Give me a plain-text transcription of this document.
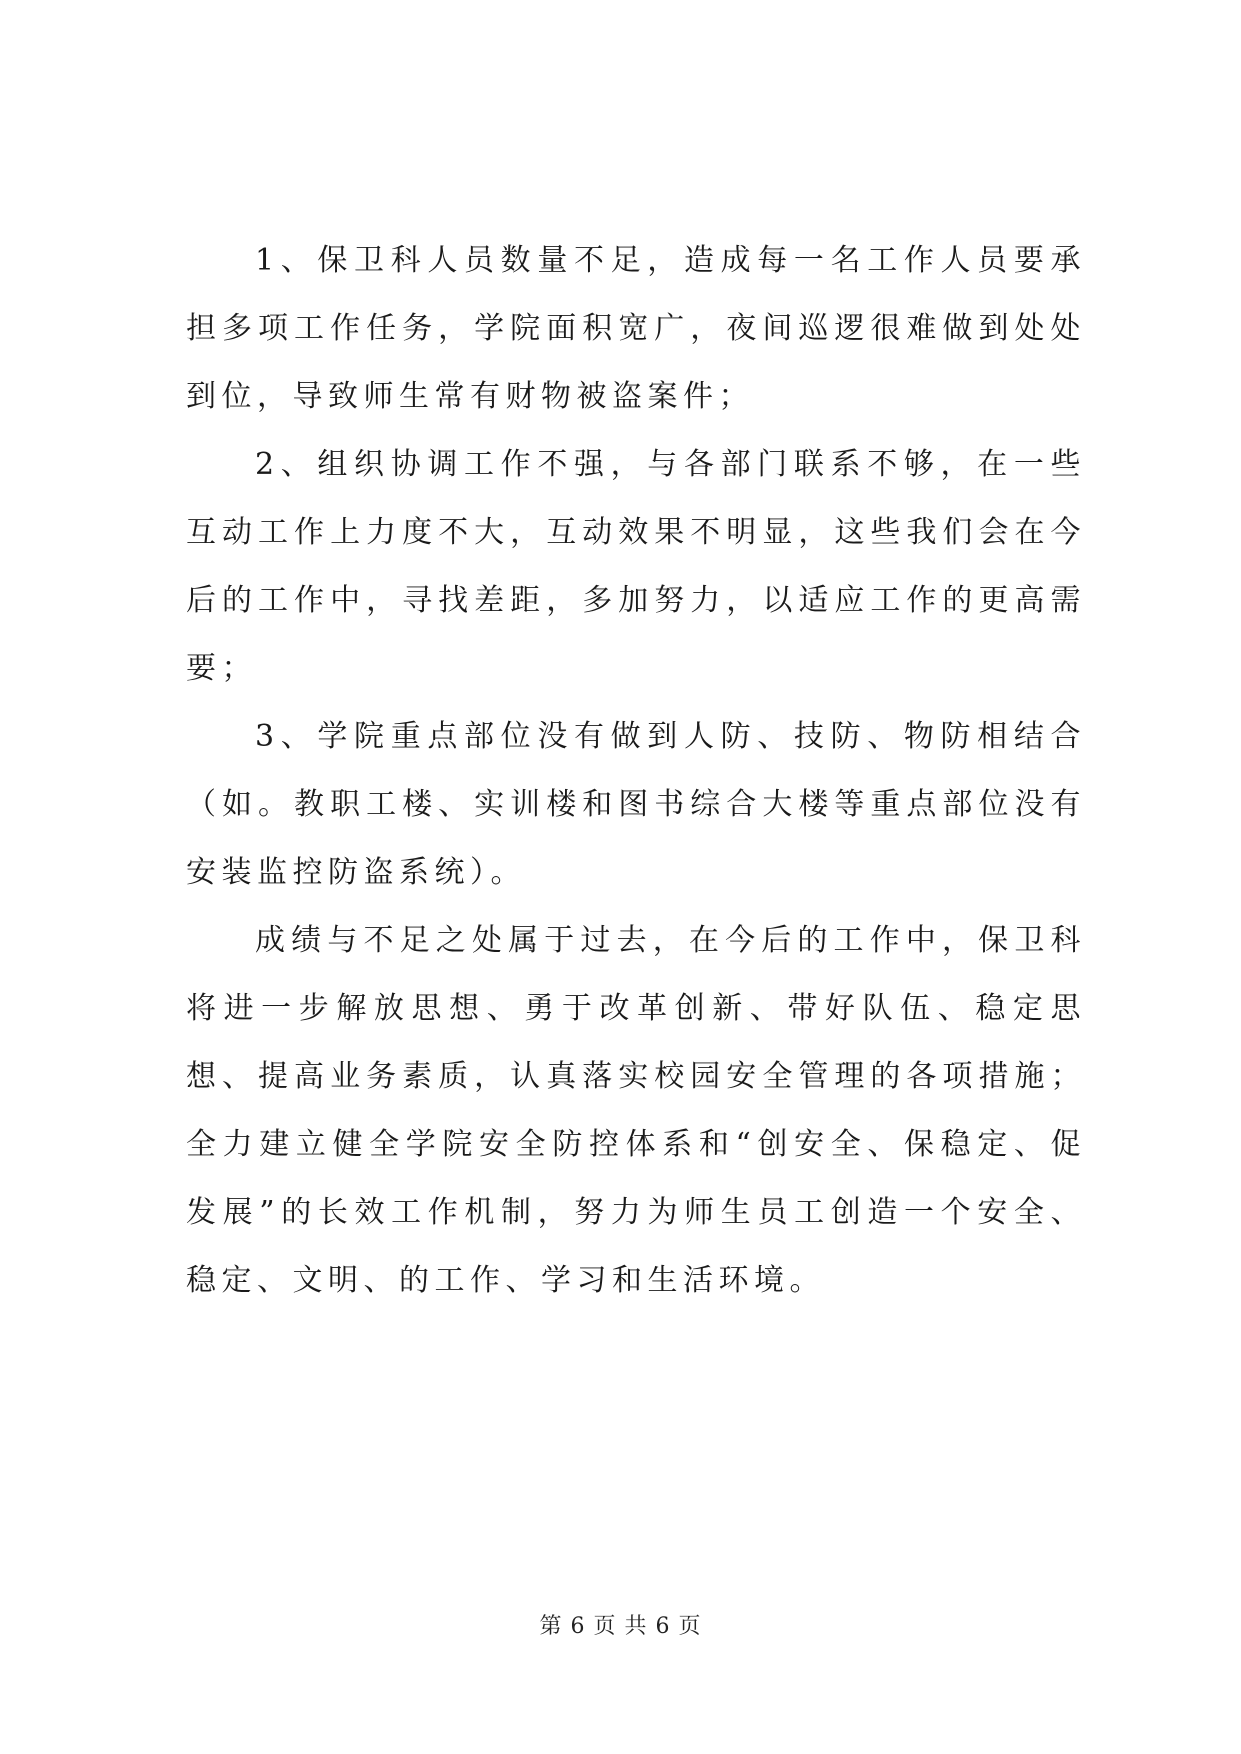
1、保卫科人员数量不足，造成每一名工作人员要承担多项工作任务，学院面积宽广，夜间巡逻很难做到处处到位，导致师生常有财物被盗案件；

2、组织协调工作不强，与各部门联系不够，在一些互动工作上力度不大，互动效果不明显，这些我们会在今后的工作中，寻找差距，多加努力，以适应工作的更高需要；

3、学院重点部位没有做到人防、技防、物防相结合（如。教职工楼、实训楼和图书综合大楼等重点部位没有安装监控防盗系统）。

成绩与不足之处属于过去，在今后的工作中，保卫科将进一步解放思想、勇于改革创新、带好队伍、稳定思想、提高业务素质，认真落实校园安全管理的各项措施；全力建立健全学院安全防控体系和“创安全、保稳定、促发展”的长效工作机制，努力为师生员工创造一个安全、稳定、文明、的工作、学习和生活环境。

第 6 页 共 6 页
